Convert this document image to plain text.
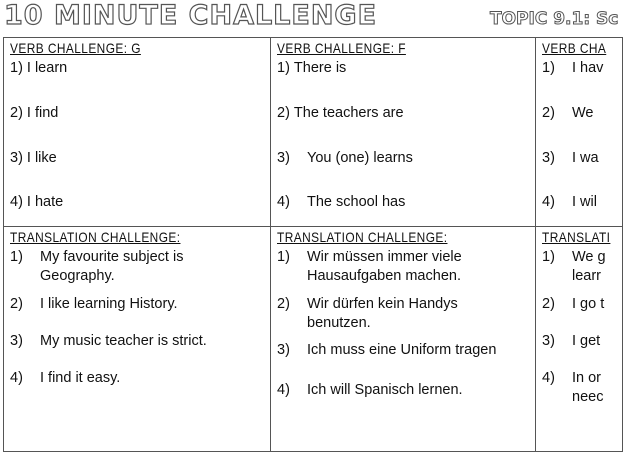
10 MINUTE CHALLENGE	TOPIC 9.1: Sc
VERB CHALLENGE: G
1) I learn
2) I find
3) I like
4) I hate
TRANSLATION CHALLENGE:
1)	My favourite subject is
Geography.
2)	I like learning History.
3)	My music teacher is strict.
4)	I find it easy.
VERB CHALLENGE: F
1) There is
2) The teachers are
3)	You (one) learns
4)	The school has
TRANSLATION CHALLENGE:
1)	Wir müssen immer viele
Hausaufgaben machen.
2)	Wir dürfen kein Handys
benutzen.
3)	Ich muss eine Uniform tragen
4)	Ich will Spanisch lernen.
VERB CHA
1)	I hav
2)	We
3)	I wa
4)	I wil
TRANSLATI
1)	We g
learr
2)	I go t
3)	I get
4)	In or
neec
